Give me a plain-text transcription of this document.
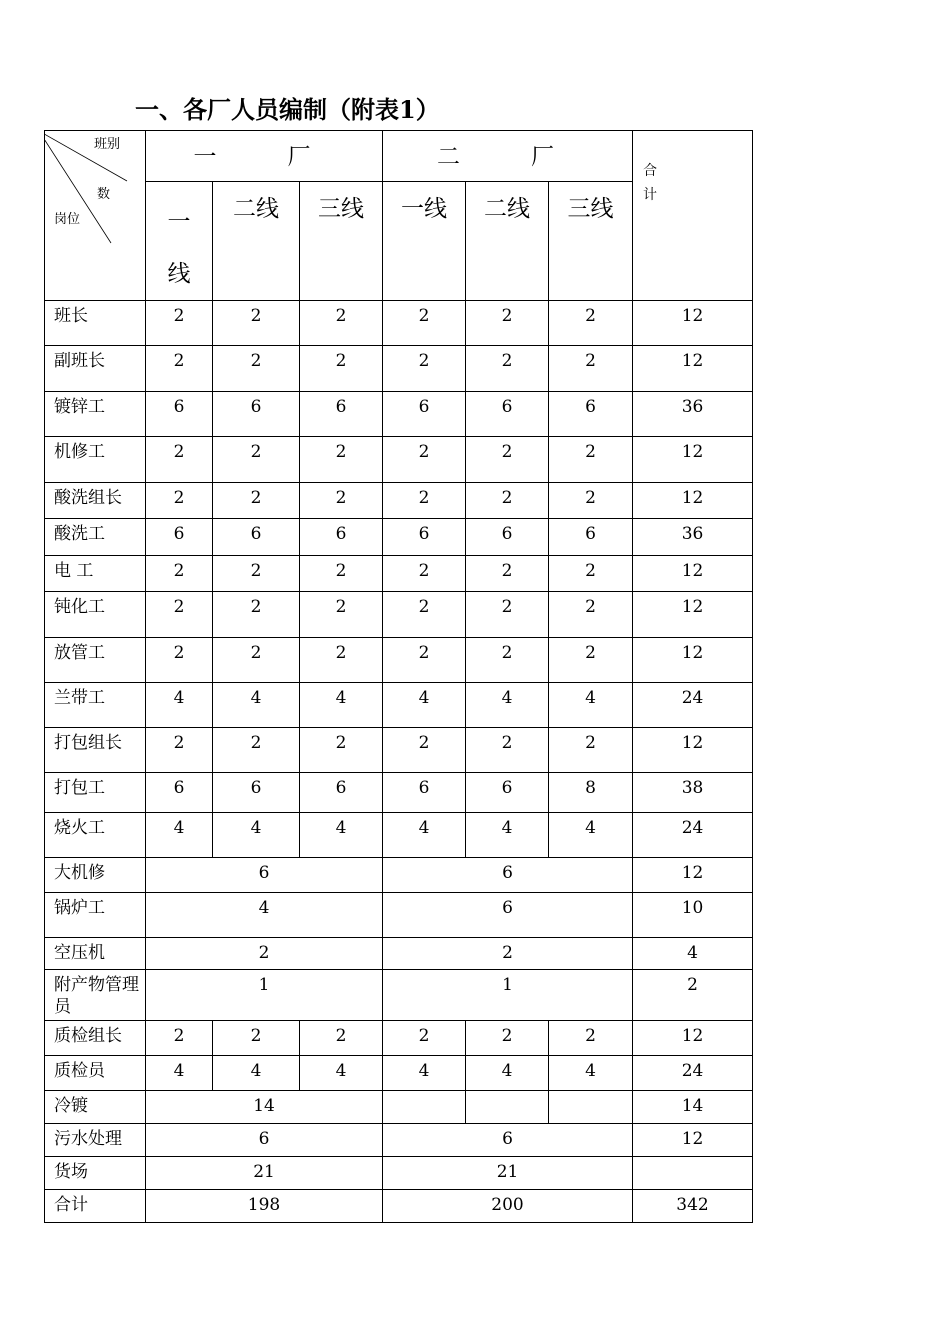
一、各厂人员编制（附表1）
班别
数
岗位	一　厂			二　厂			合
计
	一
线	二线	三线	一线	二线	三线	
班长	2	2	2	2	2	2	12
副班长	2	2	2	2	2	2	12
镀锌工	6	6	6	6	6	6	36
机修工	2	2	2	2	2	2	12
酸洗组长	2	2	2	2	2	2	12
酸洗工	6	6	6	6	6	6	36
电 工	2	2	2	2	2	2	12
钝化工	2	2	2	2	2	2	12
放管工	2	2	2	2	2	2	12
兰带工	4	4	4	4	4	4	24
打包组长	2	2	2	2	2	2	12
打包工	6	6	6	6	6	8	38
烧火工	4	4	4	4	4	4	24
大机修	6			6			12
锅炉工	4			6			10
空压机	2			2			4
附产物管理员	1			1			2
质检组长	2	2	2	2	2	2	12
质检员	4	4	4	4	4	4	24
冷镀	14						14
污水处理	6			6			12
货场	21			21			
合计	198			200			342
